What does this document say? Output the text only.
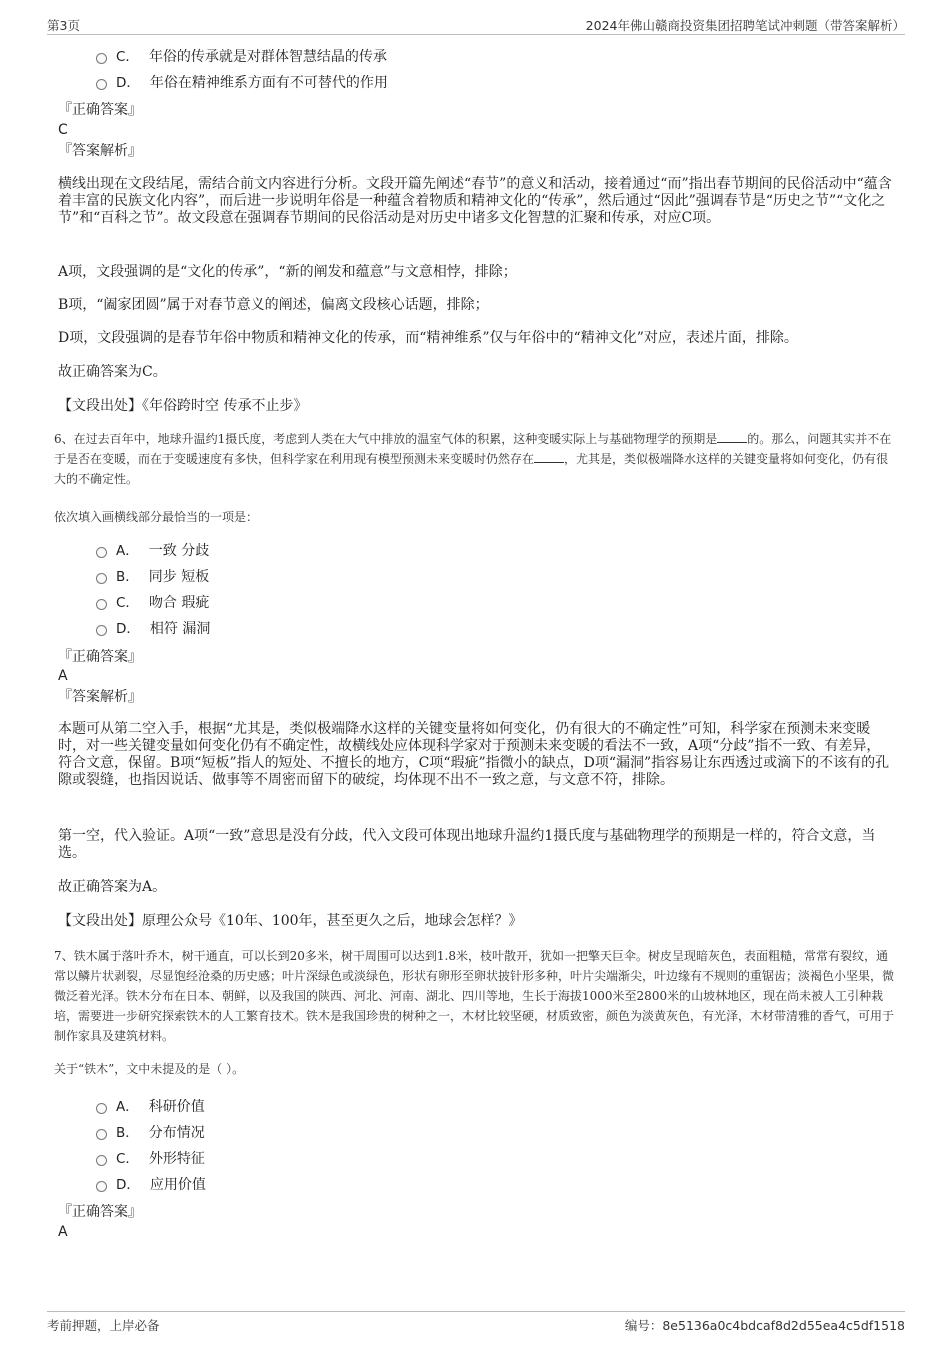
第3页	2024年佛山赣商投资集团招聘笔试冲刺题（带答案解析）
C． 年俗的传承就是对群体智慧结晶的传承
D． 年俗在精神维系方面有不可替代的作用
『正确答案』
C
『答案解析』
横线出现在文段结尾，需结合前文内容进行分析。文段开篇先阐述“春节”的意义和活动，接着通过“而”指出春节期间的民俗活动中“蕴含着丰富的民族文化内容”，而后进一步说明年俗是一种蕴含着物质和精神文化的“传承”，然后通过“因此”强调春节是“历史之节”“文化之节”和“百科之节”。故文段意在强调春节期间的民俗活动是对历史中诸多文化智慧的汇聚和传承，对应C项。
A项，文段强调的是“文化的传承”，“新的阐发和蕴意”与文意相悖，排除；
B项，“阖家团圆”属于对春节意义的阐述，偏离文段核心话题，排除；
D项，文段强调的是春节年俗中物质和精神文化的传承，而“精神维系”仅与年俗中的“精神文化”对应，表述片面，排除。
故正确答案为C。
【文段出处】《年俗跨时空 传承不止步》
6、在过去百年中，地球升温约1摄氏度，考虑到人类在大气中排放的温室气体的积累，这种变暖实际上与基础物理学的预期是	的。那么，问题其实并不在于是否在变暖，而在于变暖速度有多快，但科学家在利用现有模型预测未来变暖时仍然存在	，尤其是，类似极端降水这样的关键变量将如何变化，仍有很大的不确定性。
依次填入画横线部分最恰当的一项是：
A． 一致 分歧
B． 同步 短板
C． 吻合 瑕疵
D． 相符 漏洞
『正确答案』
A
『答案解析』
本题可从第二空入手，根据“尤其是，类似极端降水这样的关键变量将如何变化，仍有很大的不确定性”可知，科学家在预测未来变暖时，对一些关键变量如何变化仍有不确定性，故横线处应体现科学家对于预测未来变暖的看法不一致，A项“分歧”指不一致、有差异，符合文意，保留。B项“短板”指人的短处、不擅长的地方，C项“瑕疵”指微小的缺点，D项“漏洞”指容易让东西透过或滴下的不该有的孔隙或裂缝，也指因说话、做事等不周密而留下的破绽，均体现不出不一致之意，与文意不符，排除。
第一空，代入验证。A项“一致”意思是没有分歧，代入文段可体现出地球升温约1摄氏度与基础物理学的预期是一样的，符合文意，当选。
故正确答案为A。
【文段出处】原理公众号《10年、100年，甚至更久之后，地球会怎样？》
7、铁木属于落叶乔木，树干通直，可以长到20多米，树干周围可以达到1.8米，枝叶散开，犹如一把擎天巨伞。树皮呈现暗灰色，表面粗糙，常常有裂纹，通常以鳞片状剥裂，尽显饱经沧桑的历史感；叶片深绿色或淡绿色，形状有卵形至卵状披针形多种，叶片尖端渐尖，叶边缘有不规则的重锯齿；淡褐色小坚果，微微泛着光泽。铁木分布在日本、朝鲜，以及我国的陕西、河北、河南、湖北、四川等地，生长于海拔1000米至2800米的山坡林地区，现在尚未被人工引种栽培，需要进一步研究探索铁木的人工繁育技术。铁木是我国珍贵的树种之一，木材比较坚硬，材质致密，颜色为淡黄灰色，有光泽，木材带清雅的香气，可用于制作家具及建筑材料。
关于“铁木”，文中未提及的是（ ）。
A． 科研价值
B． 分布情况
C． 外形特征
D． 应用价值
『正确答案』
A
考前押题，上岸必备	编号：8e5136a0c4bdcaf8d2d55ea4c5df1518
